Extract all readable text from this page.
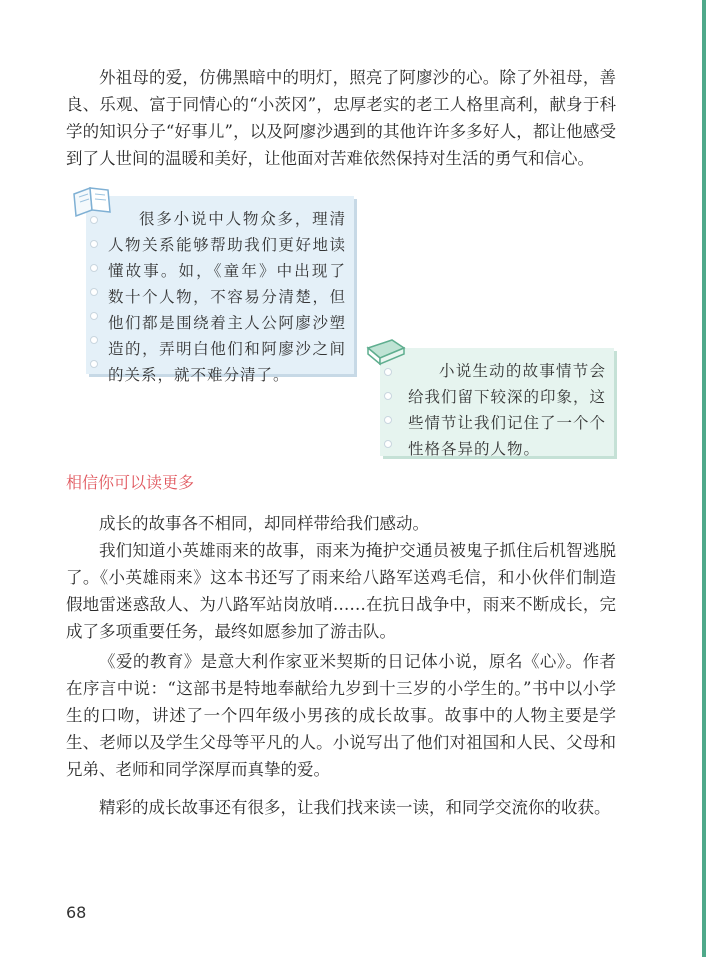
外祖母的爱，仿佛黑暗中的明灯，照亮了阿廖沙的心。除了外祖母，善良、乐观、富于同情心的“小茨冈”，忠厚老实的老工人格里高利，献身于科学的知识分子“好事儿”，以及阿廖沙遇到的其他许许多多好人，都让他感受到了人世间的温暖和美好，让他面对苦难依然保持对生活的勇气和信心。

很多小说中人物众多，理清人物关系能够帮助我们更好地读懂故事。如，《童年》中出现了数十个人物，不容易分清楚，但他们都是围绕着主人公阿廖沙塑造的，弄明白他们和阿廖沙之间的关系，就不难分清了。	小说生动的故事情节会给我们留下较深的印象，这些情节让我们记住了一个个性格各异的人物。

相信你可以读更多

成长的故事各不相同，却同样带给我们感动。

我们知道小英雄雨来的故事，雨来为掩护交通员被鬼子抓住后机智逃脱了。《小英雄雨来》这本书还写了雨来给八路军送鸡毛信，和小伙伴们制造假地雷迷惑敌人、为八路军站岗放哨……在抗日战争中，雨来不断成长，完成了多项重要任务，最终如愿参加了游击队。

《爱的教育》是意大利作家亚米契斯的日记体小说，原名《心》。作者在序言中说：“这部书是特地奉献给九岁到十三岁的小学生的。”书中以小学生的口吻，讲述了一个四年级小男孩的成长故事。故事中的人物主要是学生、老师以及学生父母等平凡的人。小说写出了他们对祖国和人民、父母和兄弟、老师和同学深厚而真挚的爱。

精彩的成长故事还有很多，让我们找来读一读，和同学交流你的收获。

68
